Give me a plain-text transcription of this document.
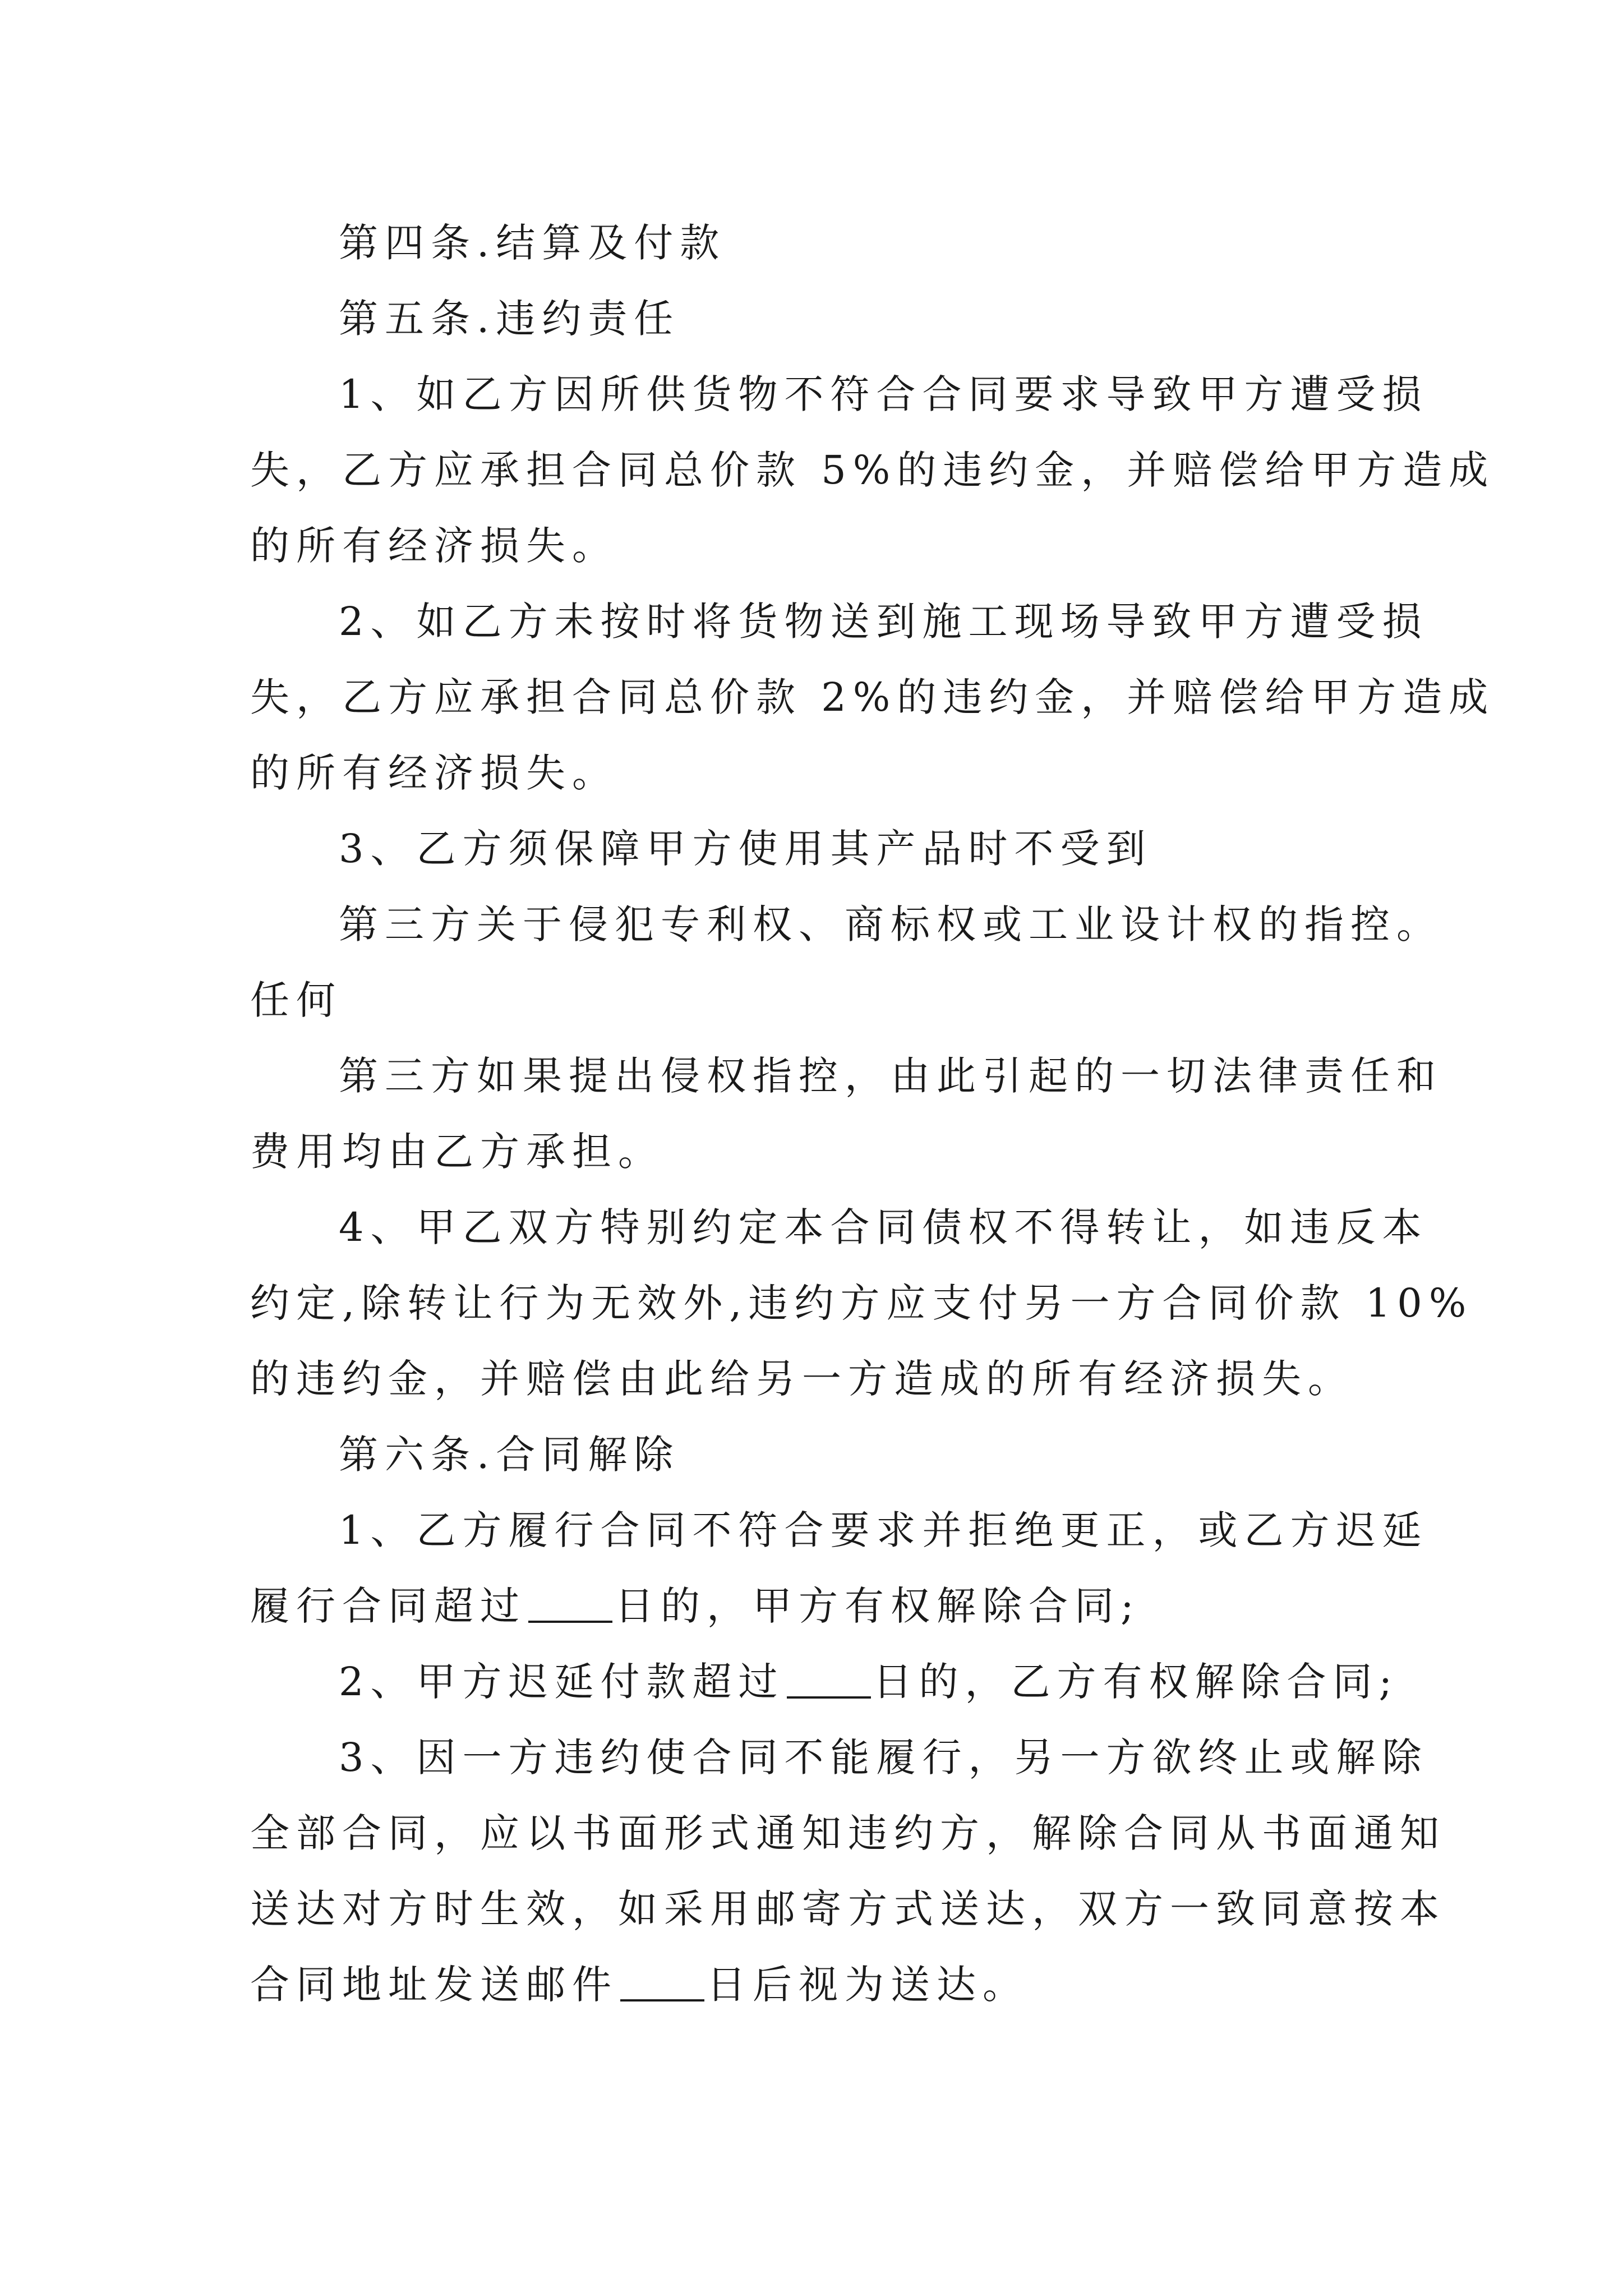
第四条.结算及付款
第五条.违约责任
1、如乙方因所供货物不符合合同要求导致甲方遭受损
失，乙方应承担合同总价款 5%的违约金，并赔偿给甲方造成
的所有经济损失。
2、如乙方未按时将货物送到施工现场导致甲方遭受损
失，乙方应承担合同总价款 2%的违约金，并赔偿给甲方造成
的所有经济损失。
3、乙方须保障甲方使用其产品时不受到
第三方关于侵犯专利权、商标权或工业设计权的指控。
任何
第三方如果提出侵权指控，由此引起的一切法律责任和
费用均由乙方承担。
4、甲乙双方特别约定本合同债权不得转让，如违反本
约定,除转让行为无效外,违约方应支付另一方合同价款 10%
的违约金，并赔偿由此给另一方造成的所有经济损失。
第六条.合同解除
1、乙方履行合同不符合要求并拒绝更正，或乙方迟延
履行合同超过 日的，甲方有权解除合同;
2、甲方迟延付款超过 日的，乙方有权解除合同;
3、因一方违约使合同不能履行，另一方欲终止或解除
全部合同，应以书面形式通知违约方，解除合同从书面通知
送达对方时生效，如采用邮寄方式送达，双方一致同意按本
合同地址发送邮件 日后视为送达。
